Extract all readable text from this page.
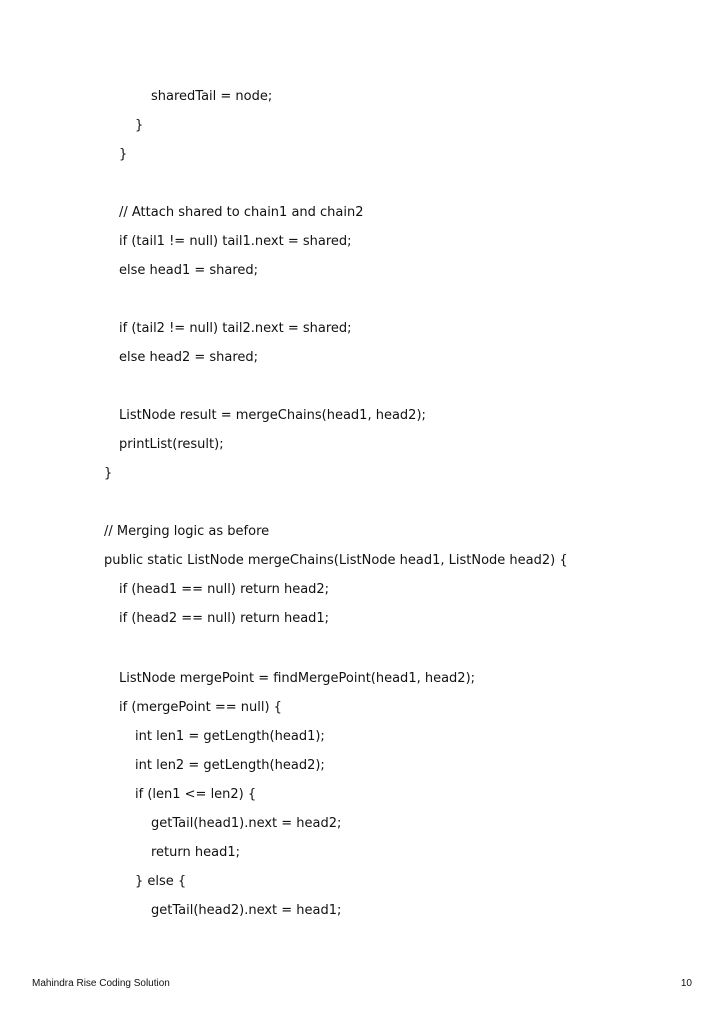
sharedTail = node;
}
}
// Attach shared to chain1 and chain2
if (tail1 != null) tail1.next = shared;
else head1 = shared;
if (tail2 != null) tail2.next = shared;
else head2 = shared;
ListNode result = mergeChains(head1, head2);
printList(result);
}
// Merging logic as before
public static ListNode mergeChains(ListNode head1, ListNode head2) {
if (head1 == null) return head2;
if (head2 == null) return head1;
ListNode mergePoint = findMergePoint(head1, head2);
if (mergePoint == null) {
int len1 = getLength(head1);
int len2 = getLength(head2);
if (len1 <= len2) {
getTail(head1).next = head2;
return head1;
} else {
getTail(head2).next = head1;
Mahindra Rise Coding Solution	10
